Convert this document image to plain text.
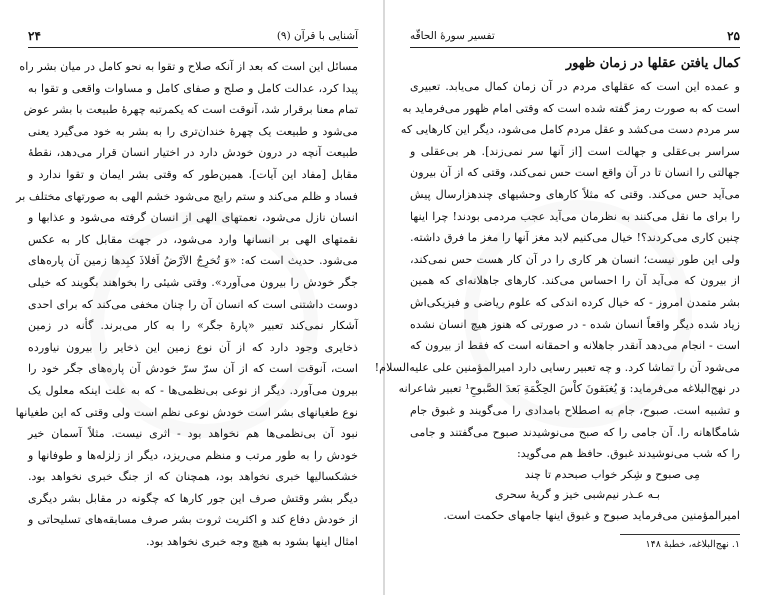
آشنایی با قرآن (۹)
۲۴

مسائل این است که بعد از آنکه صلاح و تقوا به نحو کامل در میان بشر راه

پیدا کرد، عدالت کامل و صلح و صفای کامل و مساوات واقعی و تقوا به

تمام معنا برقرار شد، آنوقت است که یکمرتبه چهرهٔ طبیعت با بشر عوض

می‌شود و طبیعت یک چهرهٔ خندان‌تری را به بشر به خود می‌گیرد یعنی

طبیعت آنچه در درون خودش دارد در اختیار انسان قرار می‌دهد، نقطهٔ

مقابل [مفاد این آیات]. همین‌طور که وقتی بشر ایمان و تقوا ندارد و

فساد و ظلم می‌کند و ستم رایج می‌شود خشم الهی به صورتهای مختلف بر

انسان نازل می‌شود، نعمتهای الهی از انسان گرفته می‌شود و عذابها و

نقمتهای الهی بر انسانها وارد می‌شود، در جهت مقابل کار به عکس

می‌شود. حدیث است که: «وَ تُخرِجُ الاَرْضُ اَفلاذَ کبِدها زمین آن پاره‌های

جگر خودش را بیرون می‌آورد». وقتی شیئی را بخواهند بگویند که خیلی

دوست داشتنی است که انسان آن را چنان مخفی می‌کند که برای احدی

آشکار نمی‌کند تعبیر «پارهٔ جگر» را به کار می‌برند. گأنه در زمین

ذخایری وجود دارد که از آن نوع زمین این ذخایر را بیرون نیاورده

است، آنوقت است که از آن سرّ سرّ خودش آن پاره‌های جگر خود را

بیرون می‌آورد. دیگر از نوعی بی‌نظمی‌ها - که به علت اینکه معلول یک

نوع طغیانهای بشر است خودش نوعی نظم است ولی وقتی که این طغیانها

نبود آن بی‌نظمی‌ها هم نخواهد بود - اثری نیست. مثلاً آسمان خیر

خودش را به طور مرتب و منظم می‌ریزد، دیگر از زلزله‌ها و طوفانها و

خشکسالیها خبری نخواهد بود، همچنان که از جنگ خبری نخواهد بود.

دیگر بشر وقتش صرف این جور کارها که چگونه در مقابل بشر دیگری

از خودش دفاع کند و اکثریت ثروت بشر صرف مسابقه‌های تسلیحاتی و

امثال اینها بشود به هیچ وجه خبری نخواهد بود.

۲۵
تفسیر سورهٔ الحاقّه
کمال یافتن عقلها در زمان ظهور

و عمده این است که عقلهای مردم در آن زمان کمال می‌یابد. تعبیری

است که به صورت رمز گفته شده است که وقتی امام ظهور می‌فرماید به

سر مردم دست می‌کشد و عقل مردم کامل می‌شود، دیگر این کارهایی که

سراسر بی‌عقلی و جهالت است [از آنها سر نمی‌زند]. هر بی‌عقلی و

جهالتی را انسان تا در آن واقع است حس نمی‌کند، وقتی که از آن بیرون

می‌آید حس می‌کند. وقتی که مثلاً کارهای وحشیهای چندهزارسال پیش

را برای ما نقل می‌کنند به نظرمان می‌آید عجب مردمی بودند! چرا اینها

چنین کاری می‌کردند؟! خیال می‌کنیم لابد مغز آنها را مغز ما فرق داشته.

ولی این طور نیست؛ انسان هر کاری را در آن کار هست حس نمی‌کند،

از بیرون که می‌آید آن را احساس می‌کند. کارهای جاهلانه‌ای که همین

بشر متمدن امروز - که خیال کرده اندکی که علوم ریاضی و فیزیکی‌اش

زیاد شده دیگر واقعاً انسان شده - در صورتی که هنوز هیچ انسان نشده

است - انجام می‌دهد آنقدر جاهلانه و احمقانه است که فقط از بیرون که

می‌شود آن را تماشا کرد. و چه تعبیر رسایی دارد امیرالمؤمنین علی علیه‌السلام!

در نهج‌البلاغه می‌فرماید: وَ یُغبَقونَ کاْسَ الحِکْمَةِ بَعدَ الصَّبوحِ¹ تعبیر شاعرانه

و تشبیه است. صبوح، جام به اصطلاح بامدادی را می‌گویند و غبوق جام

شامگاهانه را. آن جامی را که صبح می‌نوشیدند صبوح می‌گفتند و جامی

را که شب می‌نوشیدند غبوق. حافظ هم می‌گوید:

مِی صبوح و شِکر خواب صبحدم تا چند
بـه عـذر نیم‌شبی خیز و گریهٔ سحری

امیرالمؤمنین می‌فرماید صبوح و غبوق اینها جامهای حکمت است.

۱. نهج‌البلاغه، خطبهٔ ۱۴۸
